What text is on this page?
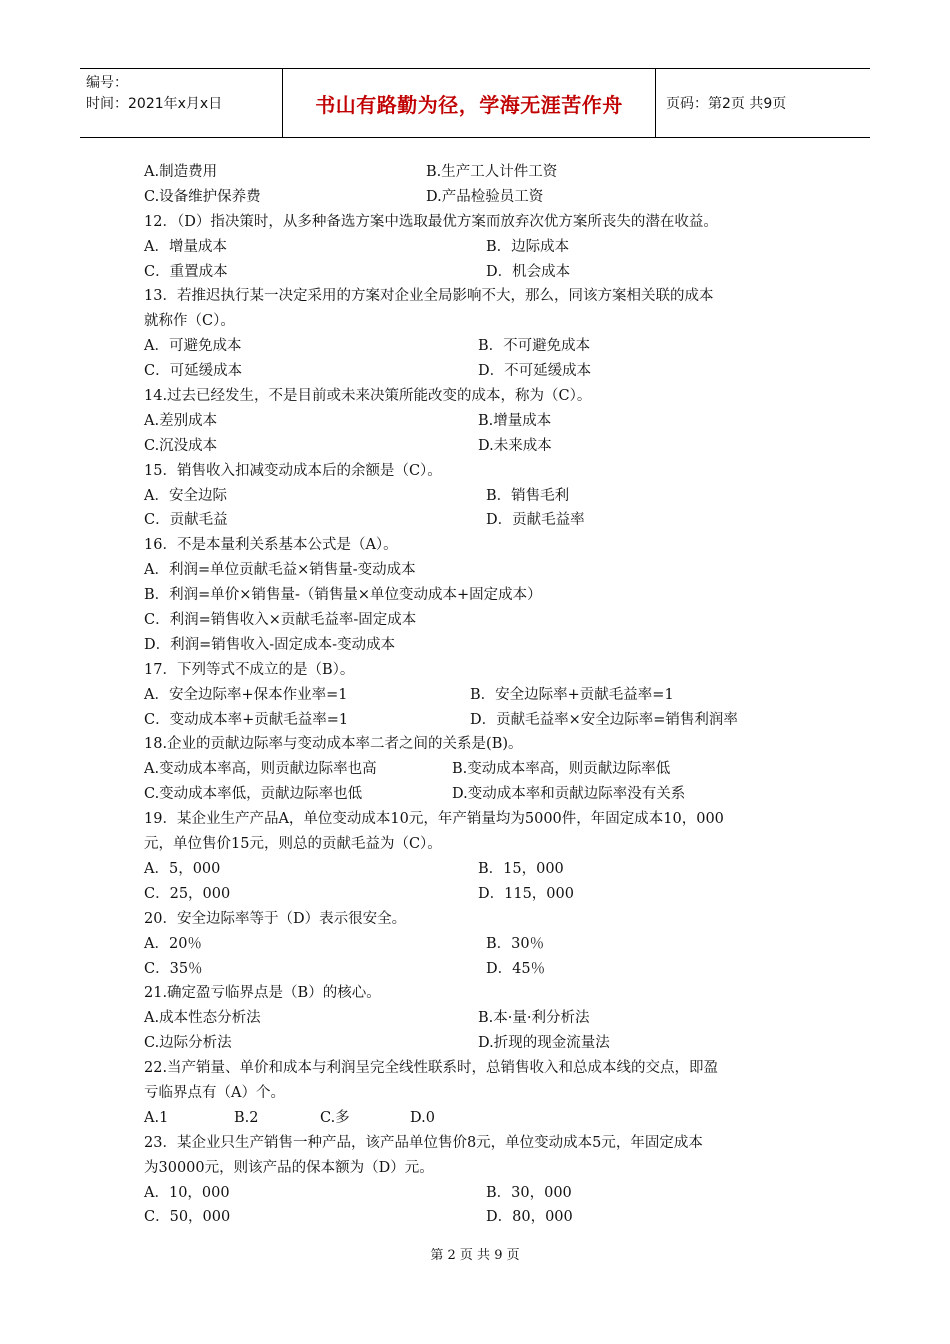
编号：
时间：2021年x月x日	书山有路勤为径，学海无涯苦作舟	页码：第2页 共9页
A.制造费用	B.生产工人计件工资
C.设备维护保养费	D.产品检验员工资
12．（D）指决策时，从多种备选方案中选取最优方案而放弃次优方案所丧失的潜在收益。
A．增量成本	B．边际成本
C．重置成本	D．机会成本
13．若推迟执行某一决定采用的方案对企业全局影响不大，那么，同该方案相关联的成本
就称作（C）。
A．可避免成本	B．不可避免成本
C．可延缓成本	D．不可延缓成本
14.过去已经发生，不是目前或未来决策所能改变的成本，称为（C）。
A.差别成本	B.增量成本
C.沉没成本	D.未来成本
15．销售收入扣减变动成本后的余额是（C）。
A．安全边际	B．销售毛利
C．贡献毛益	D．贡献毛益率
16．不是本量利关系基本公式是（A）。
A．利润=单位贡献毛益×销售量-变动成本
B．利润=单价×销售量-（销售量×单位变动成本+固定成本）
C．利润=销售收入×贡献毛益率-固定成本
D．利润=销售收入-固定成本-变动成本
17．下列等式不成立的是（B）。
A．安全边际率+保本作业率=1	B．安全边际率+贡献毛益率=1
C．变动成本率+贡献毛益率=1	D．贡献毛益率×安全边际率=销售利润率
18.企业的贡献边际率与变动成本率二者之间的关系是(B)。
A.变动成本率高，则贡献边际率也高	B.变动成本率高，则贡献边际率低
C.变动成本率低，贡献边际率也低	D.变动成本率和贡献边际率没有关系
19．某企业生产产品A，单位变动成本10元，年产销量均为5000件，年固定成本10，000
元，单位售价15元，则总的贡献毛益为（C）。
A．5，000	B．15，000
C．25，000	D．115，000
20．安全边际率等于（D）表示很安全。
A．20％	B．30％
C．35％	D．45％
21.确定盈亏临界点是（B）的核心。
A.成本性态分析法	B.本·量·利分析法
C.边际分析法	D.折现的现金流量法
22.当产销量、单价和成本与利润呈完全线性联系时，总销售收入和总成本线的交点，即盈
亏临界点有（A）个。
A.1	B.2	C.多	D.0
23．某企业只生产销售一种产品，该产品单位售价8元，单位变动成本5元，年固定成本
为30000元，则该产品的保本额为（D）元。
A．10，000	B．30，000
C．50，000	D．80，000
第 2 页 共 9 页
